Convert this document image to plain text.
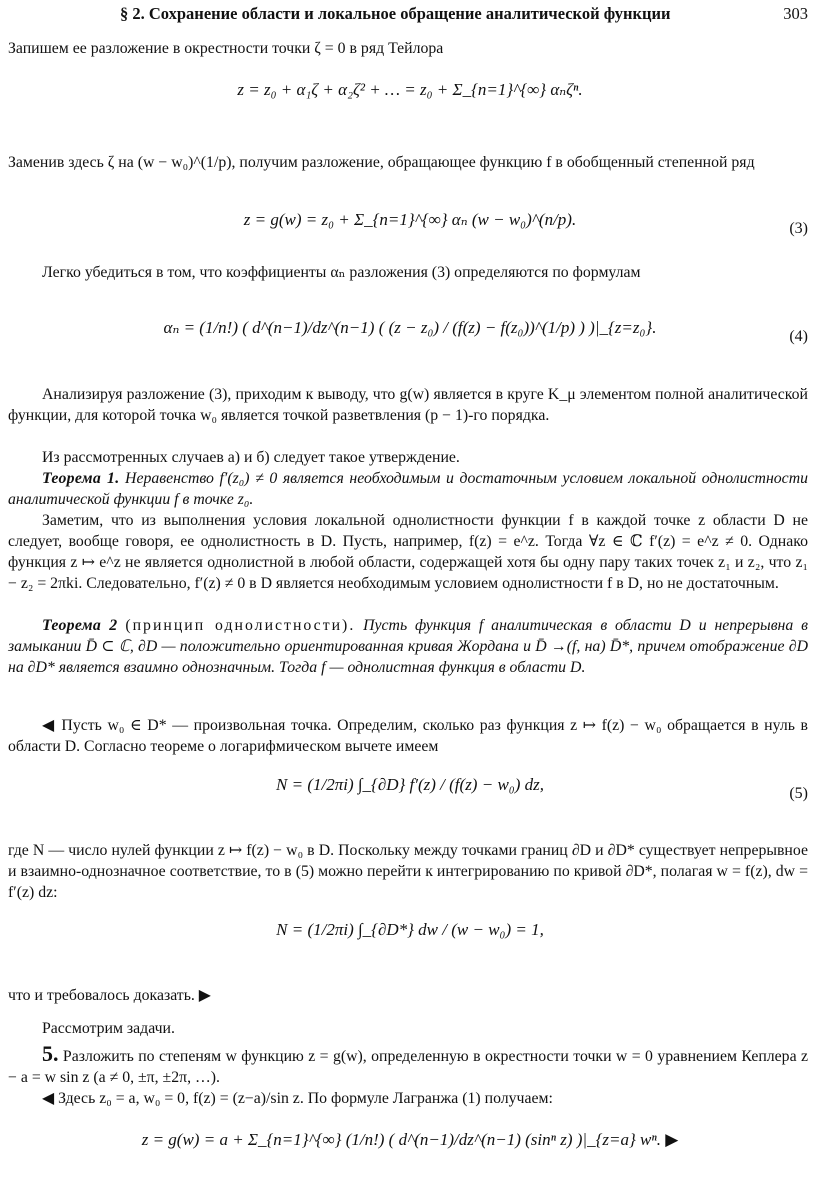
§ 2. Сохранение области и локальное обращение аналитической функции	303

Запишем ее разложение в окрестности точки ζ = 0 в ряд Тейлора

z = z₀ + α₁ζ + α₂ζ² + … = z₀ + Σ_{n=1}^{∞} αₙζⁿ.

Заменив здесь ζ на (w − w₀)^(1/p), получим разложение, обращающее функцию f в обобщенный степенной ряд

z = g(w) = z₀ + Σ_{n=1}^{∞} αₙ (w − w₀)^(n/p).	(3)

Легко убедиться в том, что коэффициенты αₙ разложения (3) определяются по формулам

αₙ = (1/n!) ( d^(n−1)/dz^(n−1) ( (z − z₀) / (f(z) − f(z₀))^(1/p) ) )|_{z=z₀}.	(4)

Анализируя разложение (3), приходим к выводу, что g(w) является в круге K_μ элементом полной аналитической функции, для которой точка w₀ является точкой разветвления (p − 1)-го порядка.

Из рассмотренных случаев а) и б) следует такое утверждение.

Теорема 1. Неравенство f′(z₀) ≠ 0 является необходимым и достаточным условием локальной однолистности аналитической функции f в точке z₀.

Заметим, что из выполнения условия локальной однолистности функции f в каждой точке z области D не следует, вообще говоря, ее однолистность в D. Пусть, например, f(z) = e^z. Тогда ∀z ∈ ℂ f′(z) = e^z ≠ 0. Однако функция z ↦ e^z не является однолистной в любой области, содержащей хотя бы одну пару таких точек z₁ и z₂, что z₁ − z₂ = 2πki. Следовательно, f′(z) ≠ 0 в D является необходимым условием однолистности f в D, но не достаточным.

Теорема 2 (принцип однолистности). Пусть функция f аналитическая в области D и непрерывна в замыкании D̄ ⊂ ℂ, ∂D — положительно ориентированная кривая Жордана и D̄ →(f, на) D̄*, причем отображение ∂D на ∂D* является взаимно однозначным. Тогда f — однолистная функция в области D.

◀ Пусть w₀ ∈ D* — произвольная точка. Определим, сколько раз функция z ↦ f(z) − w₀ обращается в нуль в области D. Согласно теореме о логарифмическом вычете имеем

N = (1/2πi) ∫_{∂D} f′(z) / (f(z) − w₀) dz,	(5)

где N — число нулей функции z ↦ f(z) − w₀ в D. Поскольку между точками границ ∂D и ∂D* существует непрерывное и взаимно-однозначное соответствие, то в (5) можно перейти к интегрированию по кривой ∂D*, полагая w = f(z), dw = f′(z) dz:

N = (1/2πi) ∫_{∂D*} dw / (w − w₀) = 1,

что и требовалось доказать. ▶

Рассмотрим задачи.

5. Разложить по степеням w функцию z = g(w), определенную в окрестности точки w = 0 уравнением Кеплера z − a = w sin z (a ≠ 0, ±π, ±2π, …).

◀ Здесь z₀ = a, w₀ = 0, f(z) = (z−a)/sin z. По формуле Лагранжа (1) получаем:

z = g(w) = a + Σ_{n=1}^{∞} (1/n!) ( d^(n−1)/dz^(n−1) (sinⁿ z) )|_{z=a} wⁿ. ▶
